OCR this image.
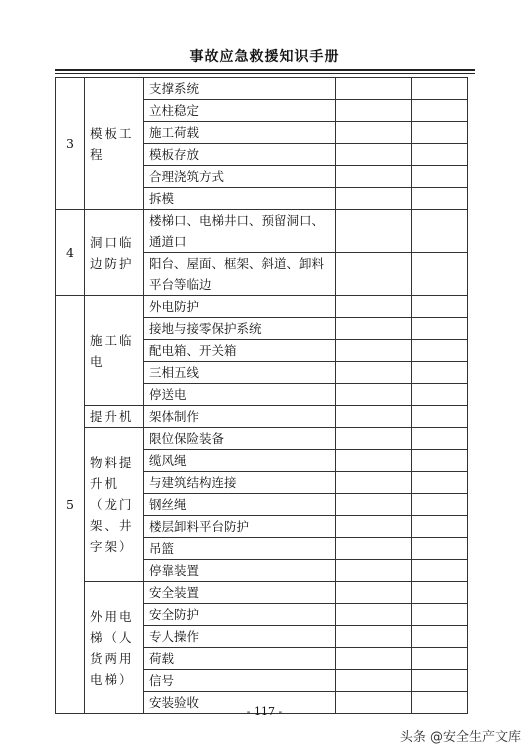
事故应急救援知识手册
3	模板工程	支撑系统		
		立柱稳定		
		施工荷载		
		模板存放		
		合理浇筑方式		
		拆模		
4	洞口临边防护	楼梯口、电梯井口、预留洞口、通道口		
		阳台、屋面、框架、斜道、卸料平台等临边		
5	施工临电	外电防护		
		接地与接零保护系统		
		配电箱、开关箱		
		三相五线		
		停送电		
	提升机	架体制作		
	物料提升机（龙门架、井字架）	限位保险装备		
		缆风绳		
		与建筑结构连接		
		钢丝绳		
		楼层卸料平台防护		
		吊篮		
		停靠装置		
	外用电梯（人货两用电梯）	安全装置		
		安全防护		
		专人操作		
		荷载		
		信号		
		安装验收		
- 117 -
头条 @安全生产文库
